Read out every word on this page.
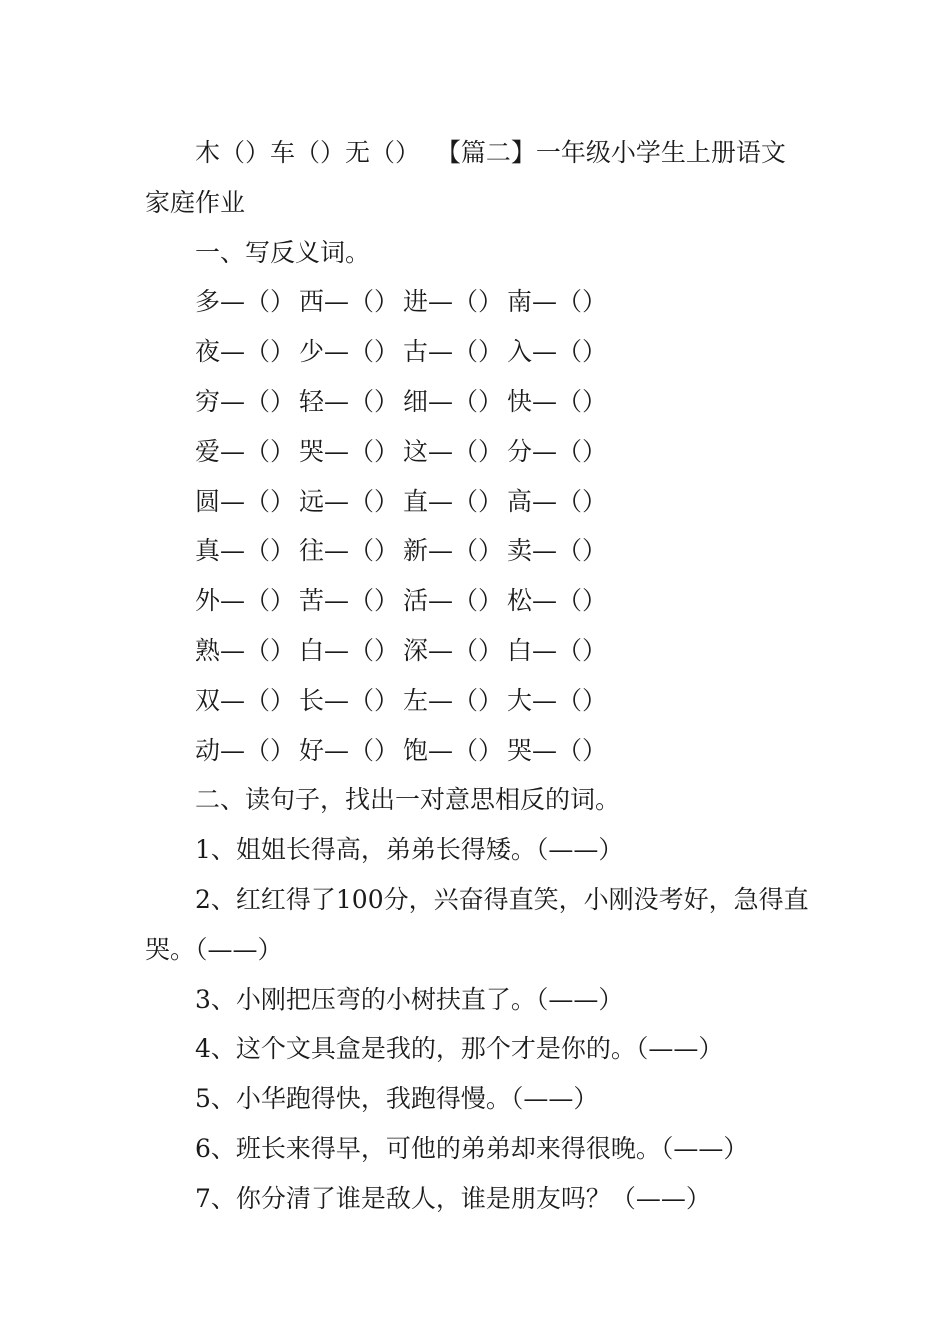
木（）车（）无（）  【篇二】一年级小学生上册语文家庭作业

一、写反义词。

多—（） 西—（） 进—（） 南—（）

夜—（） 少—（） 古—（） 入—（）

穷—（） 轻—（） 细—（） 快—（）

爱—（） 哭—（） 这—（） 分—（）

圆—（） 远—（） 直—（） 高—（）

真—（） 往—（） 新—（） 卖—（）

外—（） 苦—（） 活—（） 松—（）

熟—（） 白—（） 深—（） 白—（）

双—（） 长—（） 左—（） 大—（）

动—（） 好—（） 饱—（） 哭—（）

二、读句子，找出一对意思相反的词。

1、姐姐长得高，弟弟长得矮。（——）

2、红红得了100分，兴奋得直笑，小刚没考好，急得直哭。（——）

3、小刚把压弯的小树扶直了。（——）

4、这个文具盒是我的，那个才是你的。（——）

5、小华跑得快，我跑得慢。（——）

6、班长来得早，可他的弟弟却来得很晚。（——）

7、你分清了谁是敌人，谁是朋友吗？（——）
